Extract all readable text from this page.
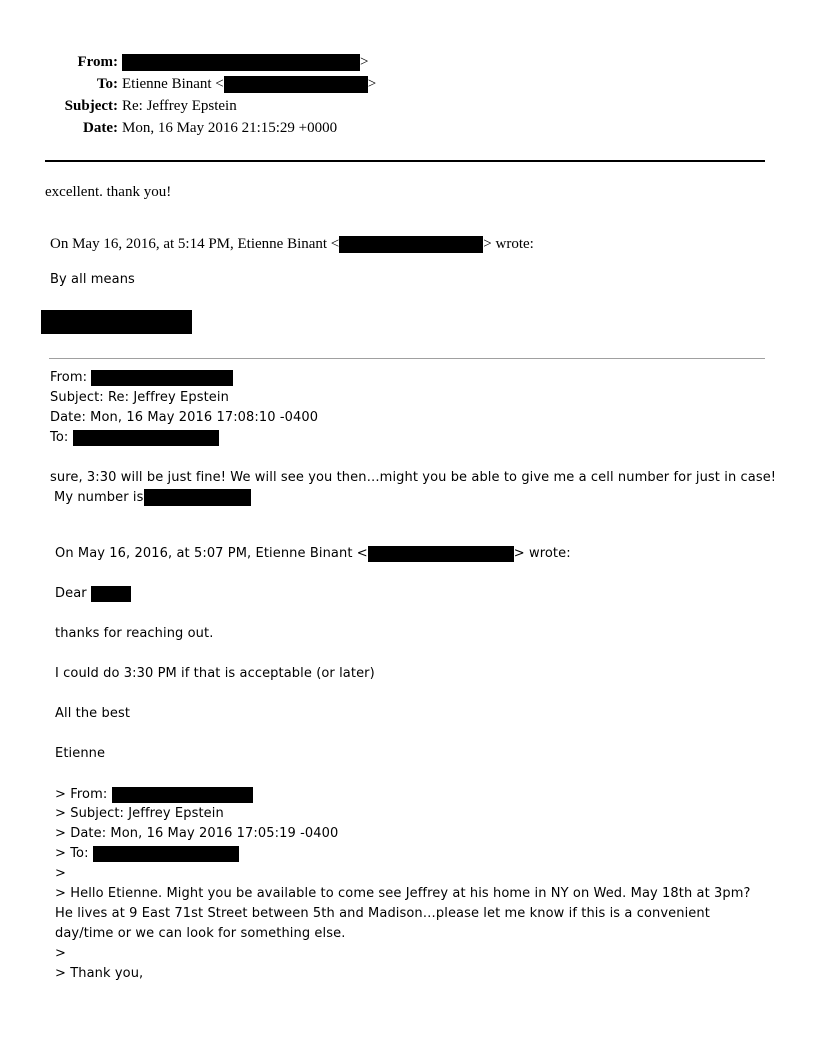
From:	>
To: Etienne Binant <	>
Subject: Re: Jeffrey Epstein
Date: Mon, 16 May 2016 21:15:29 +0000
excellent. thank you!
On May 16, 2016, at 5:14 PM, Etienne Binant <	> wrote:
By all means
From:
Subject: Re: Jeffrey Epstein
Date: Mon, 16 May 2016 17:08:10 -0400
To:
sure, 3:30 will be just fine! We will see you then…might you be able to give me a cell number for just in case!
My number is
On May 16, 2016, at 5:07 PM, Etienne Binant <	> wrote:
Dear
thanks for reaching out.
I could do 3:30 PM if that is acceptable (or later)
All the best
Etienne
> From:
> Subject: Jeffrey Epstein
> Date: Mon, 16 May 2016 17:05:19 -0400
> To:
>
> Hello Etienne. Might you be available to come see Jeffrey at his home in NY on Wed. May 18th at 3pm? He lives at 9 East 71st Street between 5th and Madison…please let me know if this is a convenient day/time or we can look for something else.
>
> Thank you,
